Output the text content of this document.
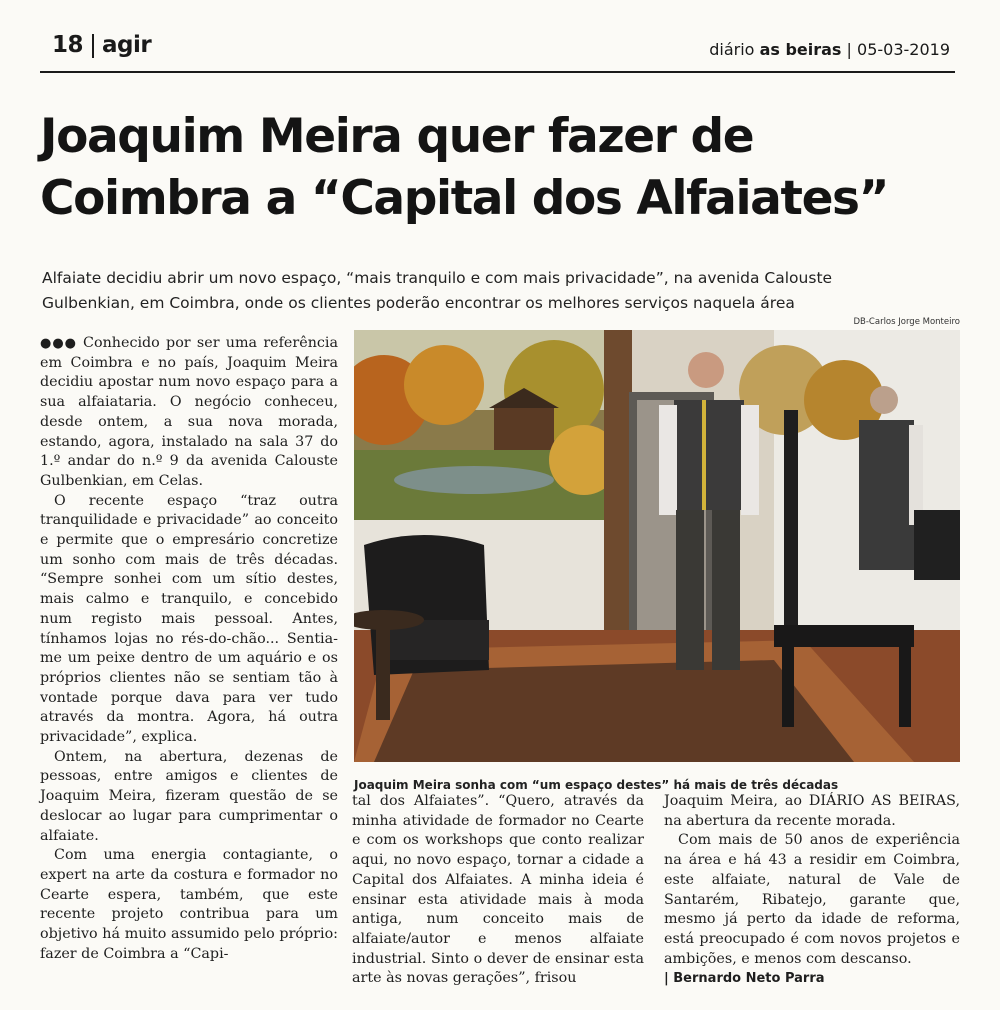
18 agir	diário as beiras | 05-03-2019
Joaquim Meira quer fazer de Coimbra a “Capital dos Alfaiates”

Alfaiate decidiu abrir um novo espaço, “mais tranquilo e com mais privacidade”, na avenida Calouste Gulbenkian, em Coimbra, onde os clientes poderão encontrar os melhores serviços naquela área

DB-Carlos Jorge Monteiro

●●● Conhecido por ser uma referência em Coimbra e no país, Joaquim Meira decidiu apostar num novo espaço para a sua alfaiataria. O negócio conheceu, desde ontem, a sua nova morada, estando, agora, instalado na sala 37 do 1.º andar do n.º 9 da avenida Calouste Gulbenkian, em Celas.

O recente espaço “traz outra tranquilidade e privacidade” ao conceito e permite que o empresário concretize um sonho com mais de três décadas. “Sempre sonhei com um sítio destes, mais calmo e tranquilo, e concebido num registo mais pessoal. Antes, tínhamos lojas no rés-do-chão... Sentia-me um peixe dentro de um aquário e os próprios clientes não se sentiam tão à vontade porque dava para ver tudo através da montra. Agora, há outra privacidade”, explica.

Ontem, na abertura, dezenas de pessoas, entre amigos e clientes de Joaquim Meira, fizeram questão de se deslocar ao lugar para cumprimentar o alfaiate.

Com uma energia contagiante, o expert na arte da costura e formador no Cearte espera, também, que este recente projeto contribua para um objetivo há muito assumido pelo próprio: fazer de Coimbra a “Capi-

Joaquim Meira sonha com “um espaço destes” há mais de três décadas

tal dos Alfaiates”. “Quero, através da minha atividade de formador no Cearte e com os workshops que conto realizar aqui, no novo espaço, tornar a cidade a Capital dos Alfaiates. A minha ideia é ensinar esta atividade mais à moda antiga, num conceito mais de alfaiate/autor e menos alfaiate industrial. Sinto o dever de ensinar esta arte às novas gerações”, frisou

Joaquim Meira, ao DIÁRIO AS BEIRAS, na abertura da recente morada.

Com mais de 50 anos de experiência na área e há 43 a residir em Coimbra, este alfaiate, natural de Vale de Santarém, Ribatejo, garante que, mesmo já perto da idade de reforma, está preocupado é com novos projetos e ambições, e menos com descanso.

| Bernardo Neto Parra
